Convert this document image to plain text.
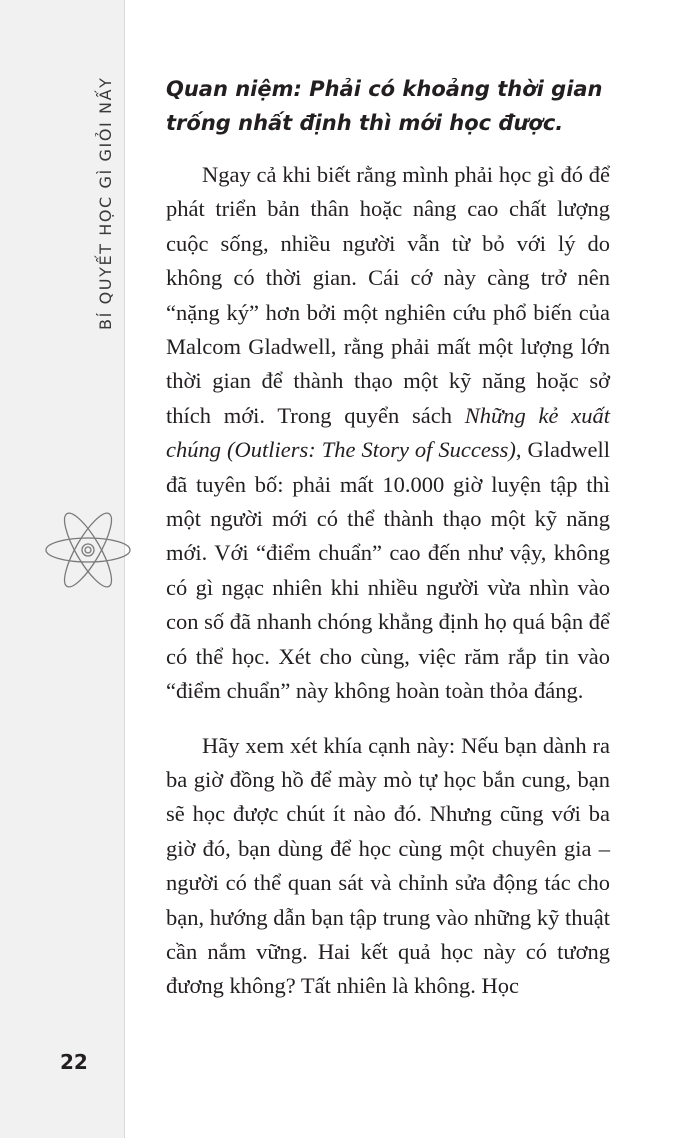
BÍ QUYẾT HỌC GÌ GIỎI NẤY
22
Quan niệm: Phải có khoảng thời gian trống nhất định thì mới học được.

Ngay cả khi biết rằng mình phải học gì đó để phát triển bản thân hoặc nâng cao chất lượng cuộc sống, nhiều người vẫn từ bỏ với lý do không có thời gian. Cái cớ này càng trở nên “nặng ký” hơn bởi một nghiên cứu phổ biến của Malcom Gladwell, rằng phải mất một lượng lớn thời gian để thành thạo một kỹ năng hoặc sở thích mới. Trong quyển sách Những kẻ xuất chúng (Outliers: The Story of Success), Gladwell đã tuyên bố: phải mất 10.000 giờ luyện tập thì một người mới có thể thành thạo một kỹ năng mới. Với “điểm chuẩn” cao đến như vậy, không có gì ngạc nhiên khi nhiều người vừa nhìn vào con số đã nhanh chóng khẳng định họ quá bận để có thể học. Xét cho cùng, việc răm rắp tin vào “điểm chuẩn” này không hoàn toàn thỏa đáng.

Hãy xem xét khía cạnh này: Nếu bạn dành ra ba giờ đồng hồ để mày mò tự học bắn cung, bạn sẽ học được chút ít nào đó. Nhưng cũng với ba giờ đó, bạn dùng để học cùng một chuyên gia – người có thể quan sát và chỉnh sửa động tác cho bạn, hướng dẫn bạn tập trung vào những kỹ thuật cần nắm vững. Hai kết quả học này có tương đương không? Tất nhiên là không. Học
